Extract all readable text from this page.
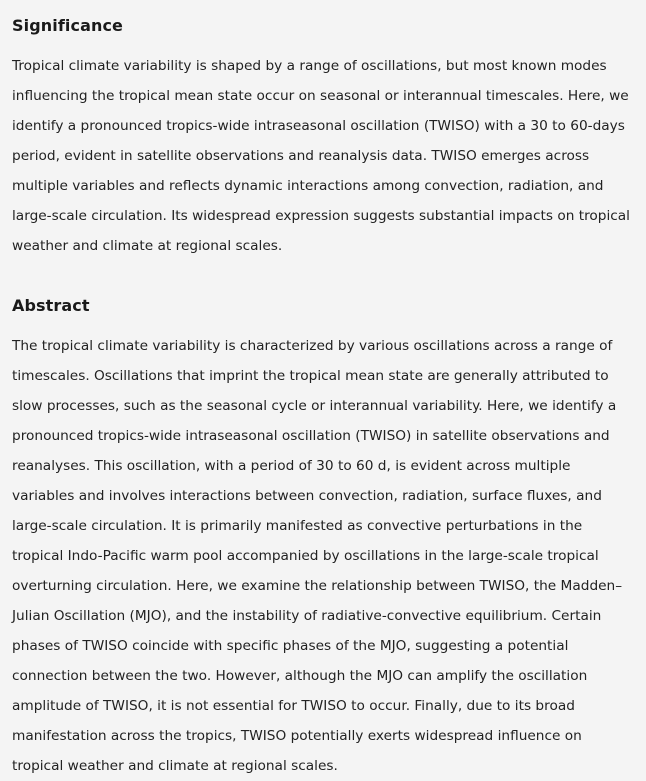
Significance

Tropical climate variability is shaped by a range of oscillations, but most known modes
influencing the tropical mean state occur on seasonal or interannual timescales. Here, we
identify a pronounced tropics-wide intraseasonal oscillation (TWISO) with a 30 to 60-days
period, evident in satellite observations and reanalysis data. TWISO emerges across
multiple variables and reflects dynamic interactions among convection, radiation, and
large-scale circulation. Its widespread expression suggests substantial impacts on tropical
weather and climate at regional scales.

Abstract

The tropical climate variability is characterized by various oscillations across a range of
timescales. Oscillations that imprint the tropical mean state are generally attributed to
slow processes, such as the seasonal cycle or interannual variability. Here, we identify a
pronounced tropics-wide intraseasonal oscillation (TWISO) in satellite observations and
reanalyses. This oscillation, with a period of 30 to 60 d, is evident across multiple
variables and involves interactions between convection, radiation, surface fluxes, and
large-scale circulation. It is primarily manifested as convective perturbations in the
tropical Indo-Pacific warm pool accompanied by oscillations in the large-scale tropical
overturning circulation. Here, we examine the relationship between TWISO, the Madden–
Julian Oscillation (MJO), and the instability of radiative-convective equilibrium. Certain
phases of TWISO coincide with specific phases of the MJO, suggesting a potential
connection between the two. However, although the MJO can amplify the oscillation
amplitude of TWISO, it is not essential for TWISO to occur. Finally, due to its broad
manifestation across the tropics, TWISO potentially exerts widespread influence on
tropical weather and climate at regional scales.
